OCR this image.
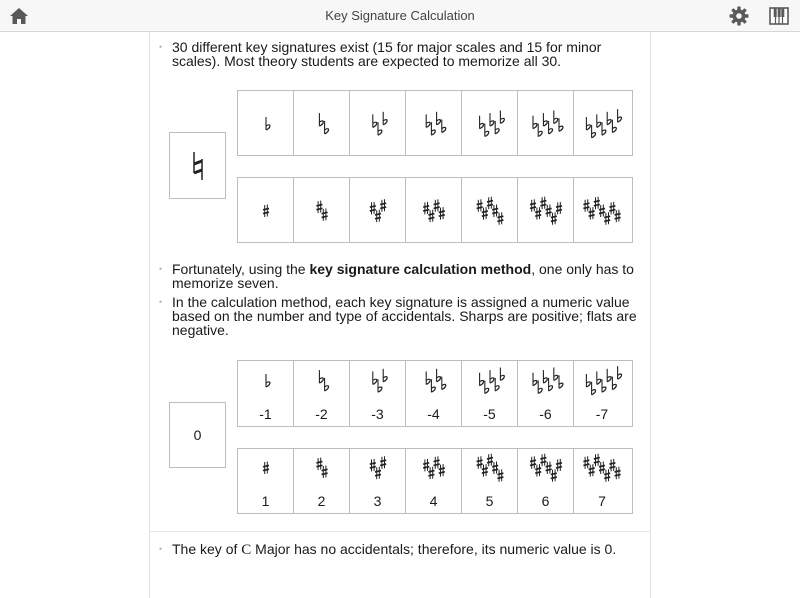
Key Signature Calculation
• 30 different key signatures exist (15 for major scales and 15 for minor scales). Most theory students are expected to memorize all 30.
• Fortunately, using the key signature calculation method, one only has to memorize seven.
• In the calculation method, each key signature is assigned a numeric value based on the number and type of accidentals. Sharps are positive; flats are negative.
0
-1	-2	-3	-4	-5	-6	-7
1	2	3	4	5	6	7
• The key of C Major has no accidentals; therefore, its numeric value is 0.
